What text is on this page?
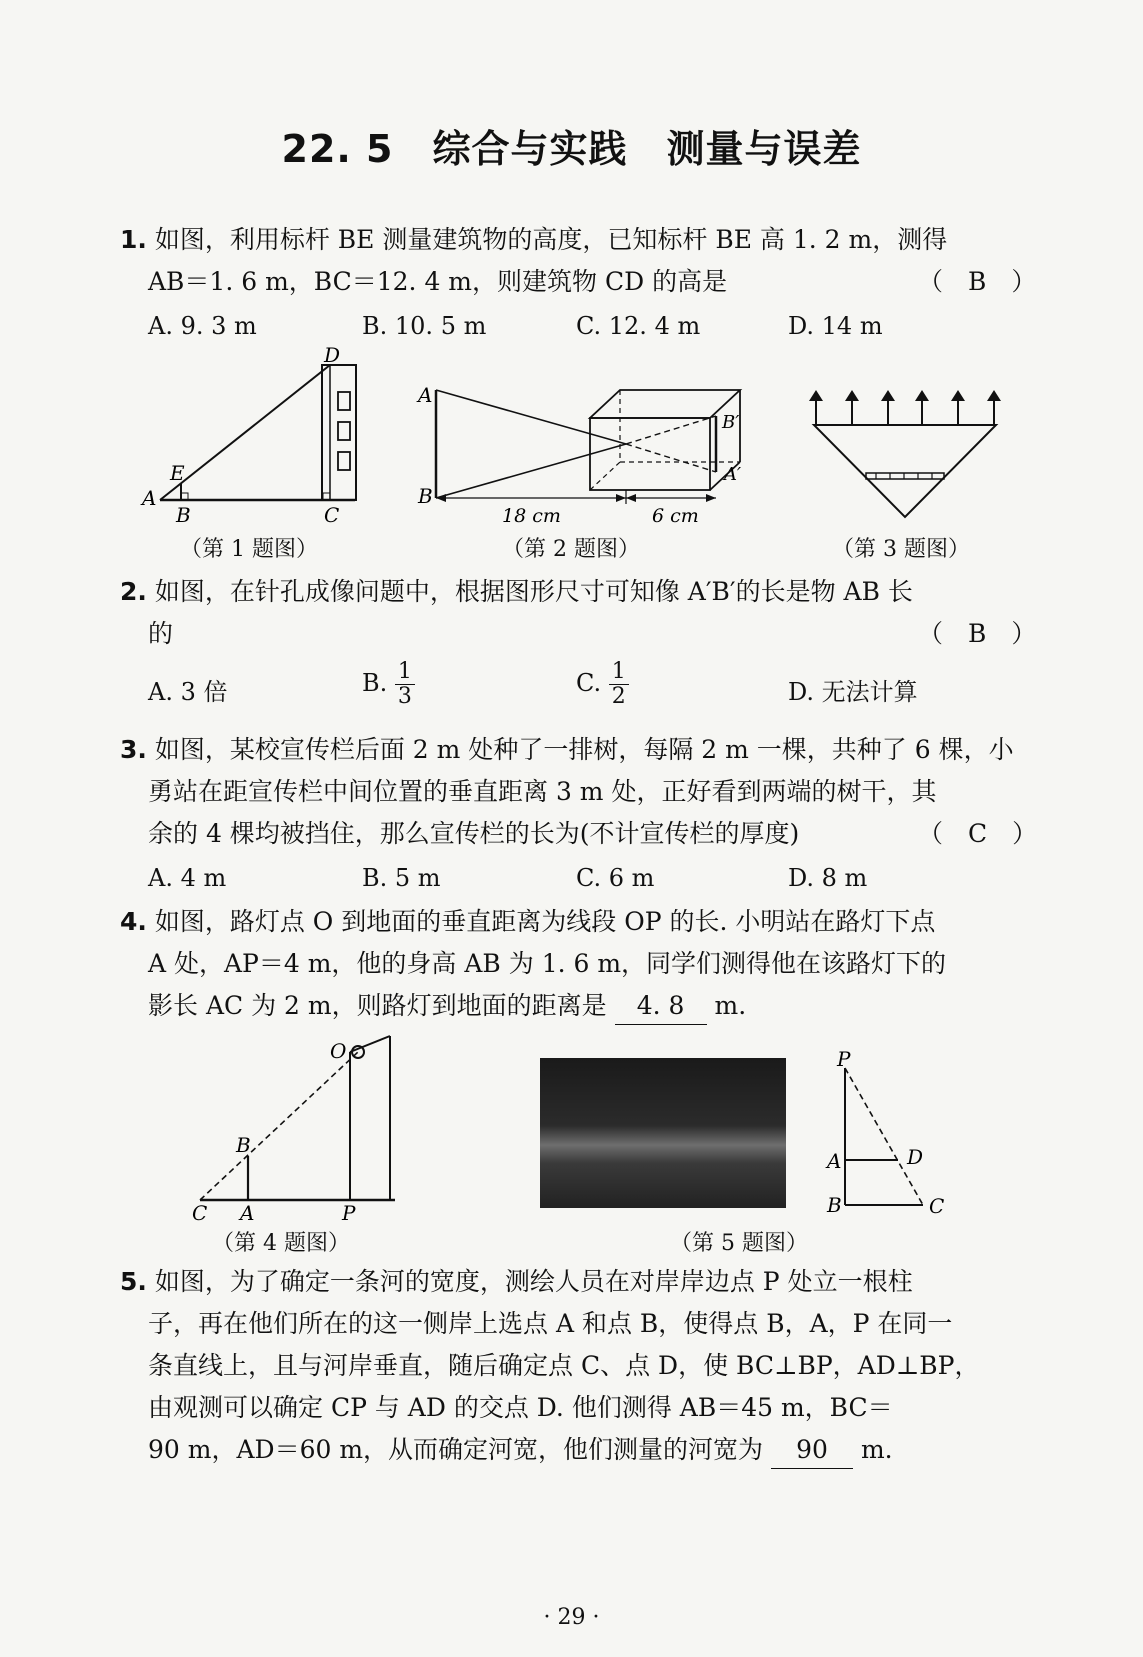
22. 5　综合与实践　测量与误差
1. 如图，利用标杆 BE 测量建筑物的高度，已知标杆 BE 高 1. 2 m，测得
AB＝1. 6 m，BC＝12. 4 m，则建筑物 CD 的高是	（　B　）
A. 9. 3 m	B. 10. 5 m	C. 12. 4 m	D. 14 m
D
E
A
B	C
（第 1 题图）
A
B
A′
B′
18 cm	6 cm
（第 2 题图）	（第 3 题图）
2. 如图，在针孔成像问题中，根据图形尺寸可知像 A′B′的长是物 AB 长
的	（　B　）
A. 3 倍	B. $\frac{1}{3}$	C. $\frac{1}{2}$	D. 无法计算
3. 如图，某校宣传栏后面 2 m 处种了一排树，每隔 2 m 一棵，共种了 6 棵，小
勇站在距宣传栏中间位置的垂直距离 3 m 处，正好看到两端的树干，其
余的 4 棵均被挡住，那么宣传栏的长为(不计宣传栏的厚度)	（　C　）
A. 4 m	B. 5 m	C. 6 m	D. 8 m
4. 如图，路灯点 O 到地面的垂直距离为线段 OP 的长. 小明站在路灯下点
A 处，AP＝4 m，他的身高 AB 为 1. 6 m，同学们测得他在该路灯下的
影长 AC 为 2 m，则路灯到地面的距离是 4. 8 m.
O
B
C A	P
（第 4 题图）
P
A	D
B	C
（第 5 题图）
5. 如图，为了确定一条河的宽度，测绘人员在对岸岸边点 P 处立一根柱
子，再在他们所在的这一侧岸上选点 A 和点 B，使得点 B，A，P 在同一
条直线上，且与河岸垂直，随后确定点 C、点 D，使 BC⊥BP，AD⊥BP，
由观测可以确定 CP 与 AD 的交点 D. 他们测得 AB＝45 m，BC＝
90 m，AD＝60 m，从而确定河宽，他们测量的河宽为 90 m.
· 29 ·
